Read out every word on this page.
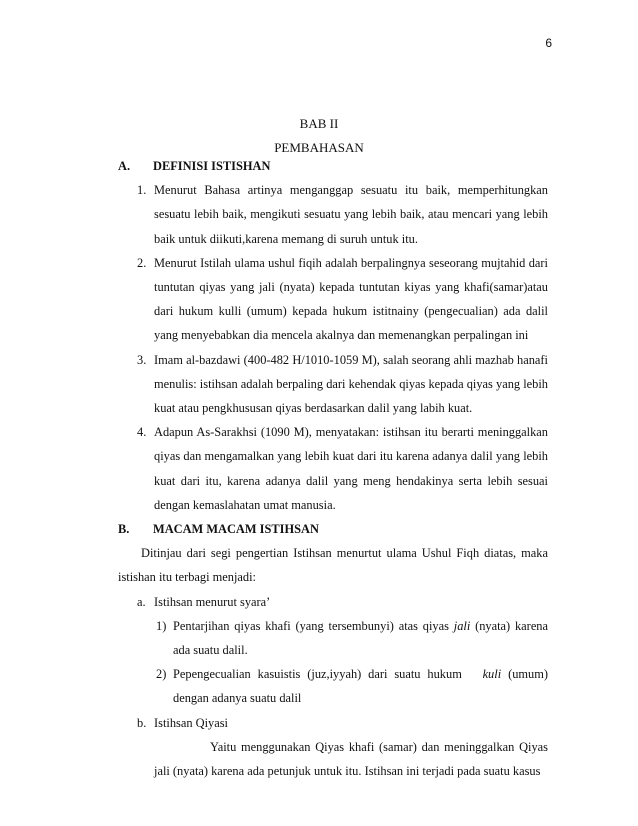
6
BAB II
PEMBAHASAN
A.	DEFINISI ISTISHAN
1. Menurut Bahasa artinya menganggap sesuatu itu baik, memperhitungkan sesuatu lebih baik, mengikuti sesuatu yang lebih baik, atau mencari yang lebih baik untuk diikuti,karena memang di suruh untuk itu.
2. Menurut Istilah ulama ushul fiqih adalah berpalingnya seseorang mujtahid dari tuntutan qiyas yang jali (nyata) kepada tuntutan kiyas yang khafi(samar)atau dari hukum kulli (umum) kepada hukum istitnainy (pengecualian) ada dalil yang menyebabkan dia mencela akalnya dan memenangkan perpalingan ini
3. Imam al-bazdawi (400-482 H/1010-1059 M), salah seorang ahli mazhab hanafi menulis: istihsan adalah berpaling dari kehendak qiyas kepada qiyas yang lebih kuat atau pengkhususan qiyas berdasarkan dalil yang labih kuat.
4. Adapun As-Sarakhsi (1090 M), menyatakan: istihsan itu berarti meninggalkan qiyas dan mengamalkan yang lebih kuat dari itu karena adanya dalil yang lebih kuat dari itu, karena adanya dalil yang meng hendakinya serta lebih sesuai dengan kemaslahatan umat manusia.
B.	MACAM MACAM ISTIHSAN
Ditinjau dari segi pengertian Istihsan menurtut ulama Ushul Fiqh diatas, maka istishan itu terbagi menjadi:
a. Istihsan menurut syara’
1) Pentarjihan qiyas khafi (yang tersembunyi) atas qiyas jali (nyata) karena ada suatu dalil.
2) Pepengecualian kasuistis (juz,iyyah) dari suatu hukum   kuli (umum) dengan adanya suatu dalil
b. Istihsan Qiyasi
Yaitu menggunakan Qiyas khafi (samar) dan meninggalkan Qiyas jali (nyata) karena ada petunjuk untuk itu. Istihsan ini terjadi pada suatu kasus
